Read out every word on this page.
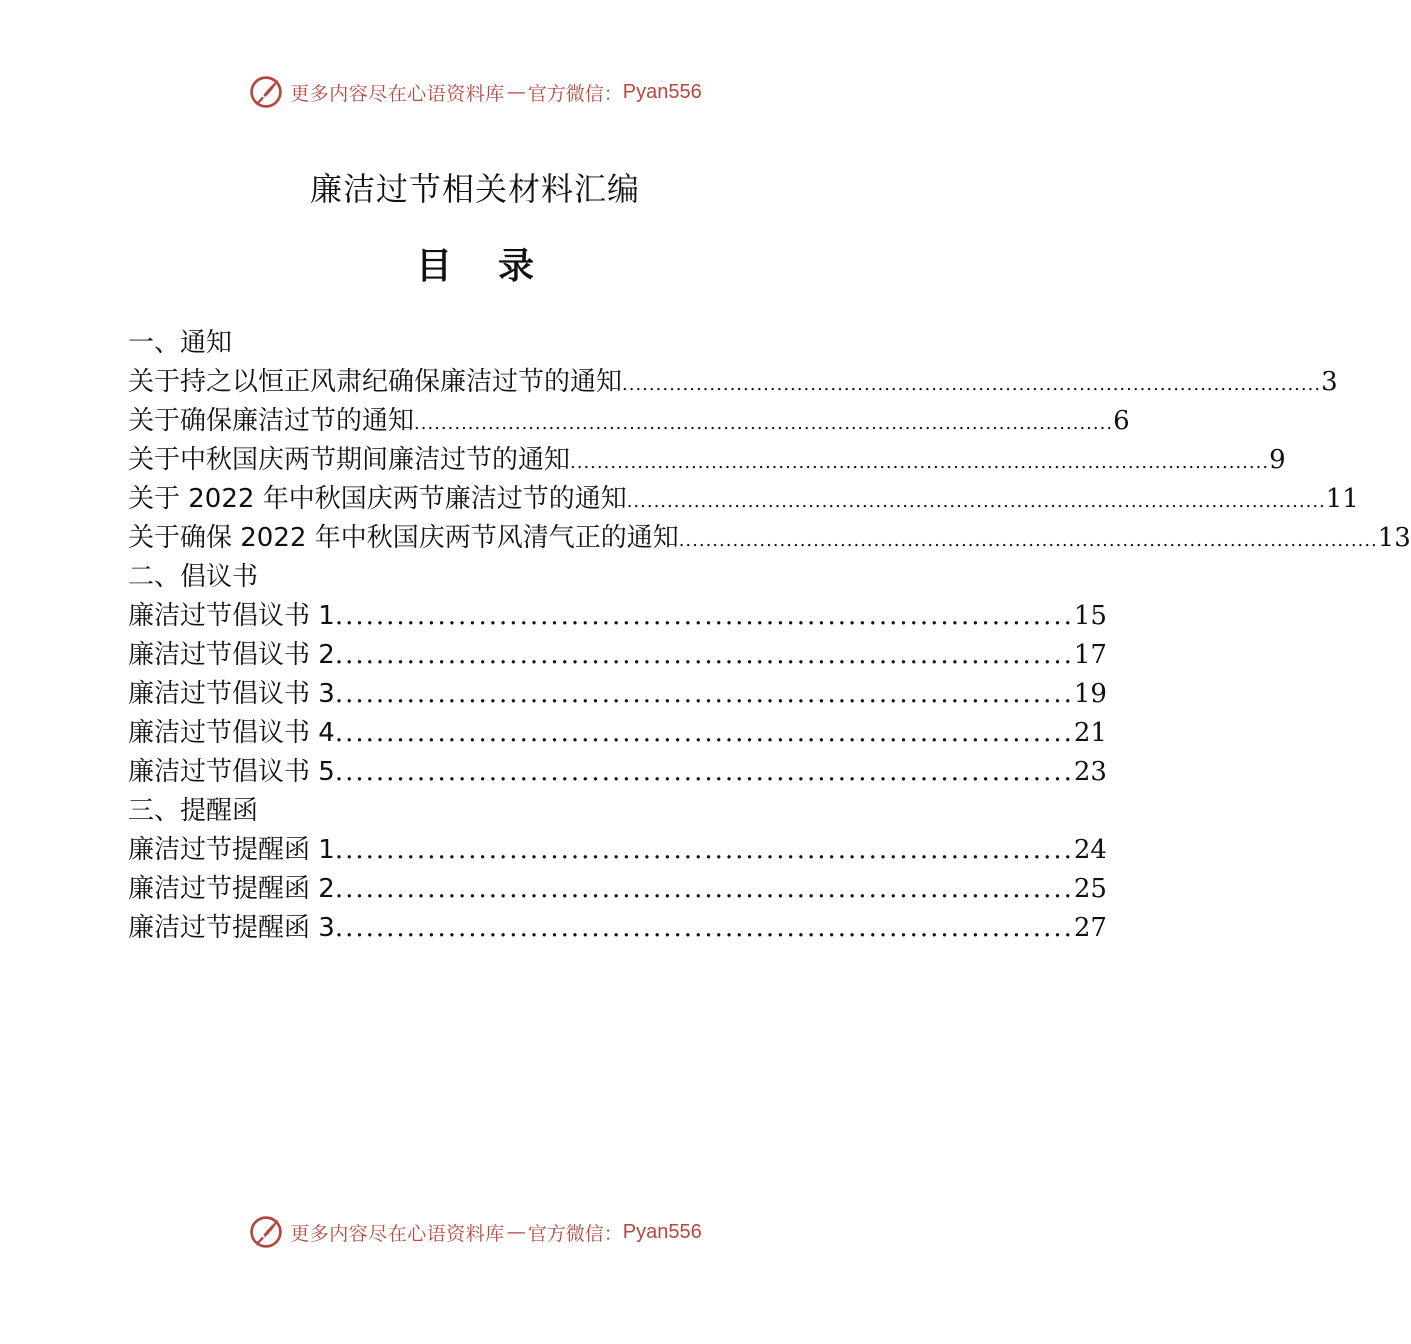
更多内容尽在心语资料库 — 官方微信： Pyan556
廉洁过节相关材料汇编
目 录
一、通知
关于持之以恒正风肃纪确保廉洁过节的通知 ........................................................................................................ 3
关于确保廉洁过节的通知 ........................................................................................................ 6
关于中秋国庆两节期间廉洁过节的通知 ........................................................................................................ 9
关于 2022 年中秋国庆两节廉洁过节的通知 ........................................................................................................ 11
关于确保 2022 年中秋国庆两节风清气正的通知 ........................................................................................................ 13
二、倡议书
廉洁过节倡议书 1 ........................................................................ 15
廉洁过节倡议书 2 ........................................................................ 17
廉洁过节倡议书 3 ........................................................................ 19
廉洁过节倡议书 4 ........................................................................ 21
廉洁过节倡议书 5 ........................................................................ 23
三、提醒函
廉洁过节提醒函 1 ........................................................................ 24
廉洁过节提醒函 2 ........................................................................ 25
廉洁过节提醒函 3 ........................................................................ 27
更多内容尽在心语资料库 — 官方微信： Pyan556
